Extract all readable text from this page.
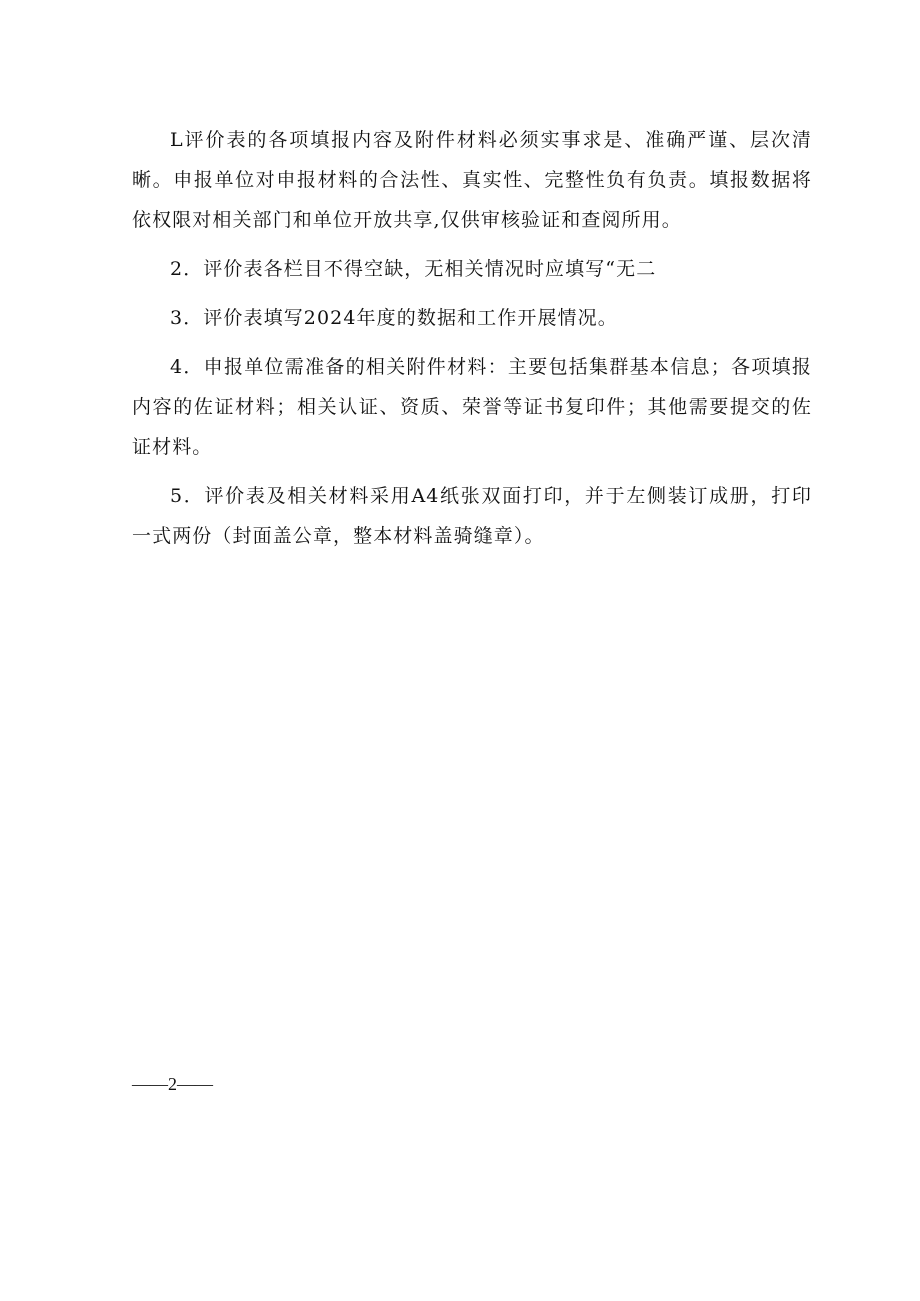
L评价表的各项填报内容及附件材料必须实事求是、准确严谨、层次清晰。申报单位对申报材料的合法性、真实性、完整性负有负责。填报数据将依权限对相关部门和单位开放共享,仅供审核验证和查阅所用。

2．评价表各栏目不得空缺，无相关情况时应填写“无二

3．评价表填写2024年度的数据和工作开展情况。

4．申报单位需准备的相关附件材料：主要包括集群基本信息；各项填报内容的佐证材料；相关认证、资质、荣誉等证书复印件；其他需要提交的佐证材料。

5．评价表及相关材料采用A4纸张双面打印，并于左侧装订成册，打印一式两份（封面盖公章，整本材料盖骑缝章）。

——2——
